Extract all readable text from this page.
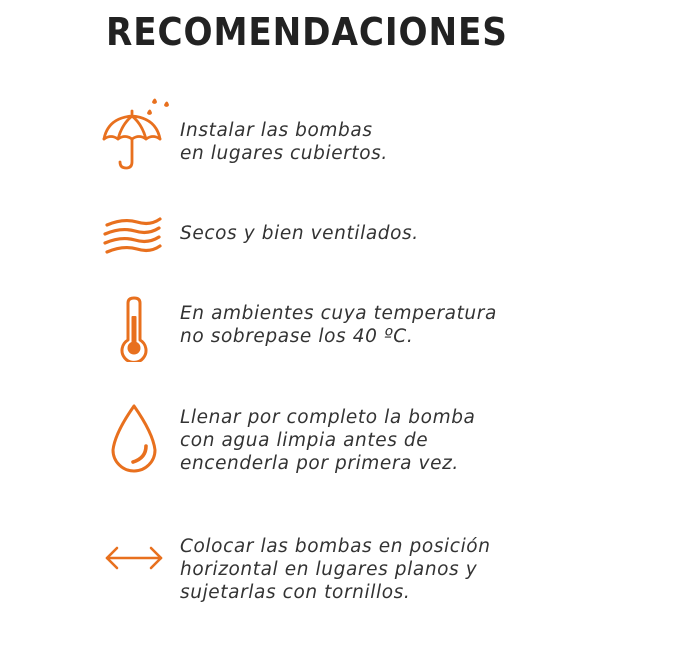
RECOMENDACIONES

Instalar las bombas
en lugares cubiertos.

Secos y bien ventilados.

En ambientes cuya temperatura
no sobrepase los 40 ºC.

Llenar por completo la bomba
con agua limpia antes de
encenderla por primera vez.

Colocar las bombas en posición
horizontal en lugares planos y
sujetarlas con tornillos.
